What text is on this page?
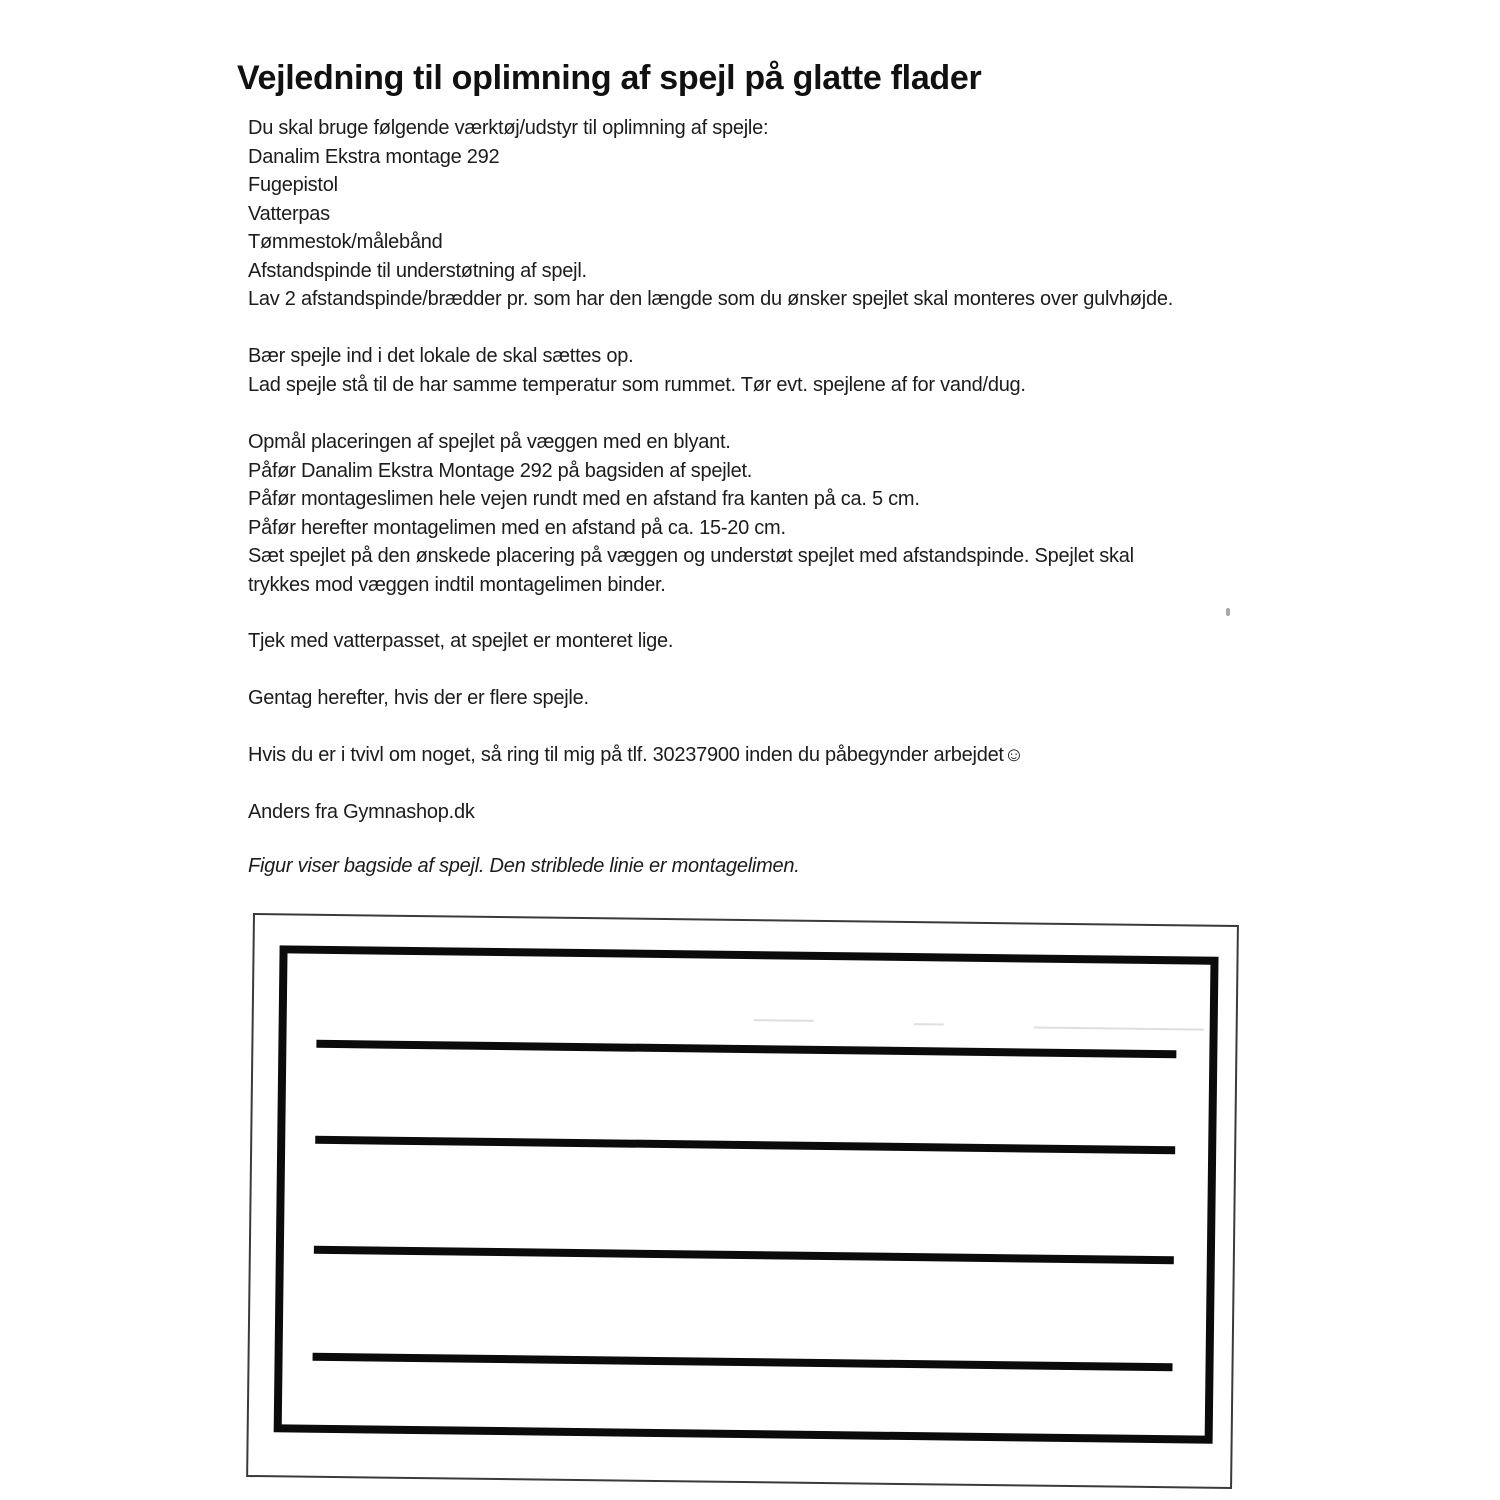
Vejledning til oplimning af spejl på glatte flader
Du skal bruge følgende værktøj/udstyr til oplimning af spejle:
Danalim Ekstra montage 292
Fugepistol
Vatterpas
Tømmestok/målebånd
Afstandspinde til understøtning af spejl.
Lav 2 afstandspinde/brædder pr. som har den længde som du ønsker spejlet skal monteres over gulvhøjde.
Bær spejle ind i det lokale de skal sættes op.
Lad spejle stå til de har samme temperatur som rummet. Tør evt. spejlene af for vand/dug.
Opmål placeringen af spejlet på væggen med en blyant.
Påfør Danalim Ekstra Montage 292 på bagsiden af spejlet.
Påfør montageslimen hele vejen rundt med en afstand fra kanten på ca. 5 cm.
Påfør herefter montagelimen med en afstand på ca. 15-20 cm.
Sæt spejlet på den ønskede placering på væggen og understøt spejlet med afstandspinde. Spejlet skal
trykkes mod væggen indtil montagelimen binder.
Tjek med vatterpasset, at spejlet er monteret lige.
Gentag herefter, hvis der er flere spejle.
Hvis du er i tvivl om noget, så ring til mig på tlf. 30237900 inden du påbegynder arbejdet☺
Anders fra Gymnashop.dk
Figur viser bagside af spejl. Den striblede linie er montagelimen.
